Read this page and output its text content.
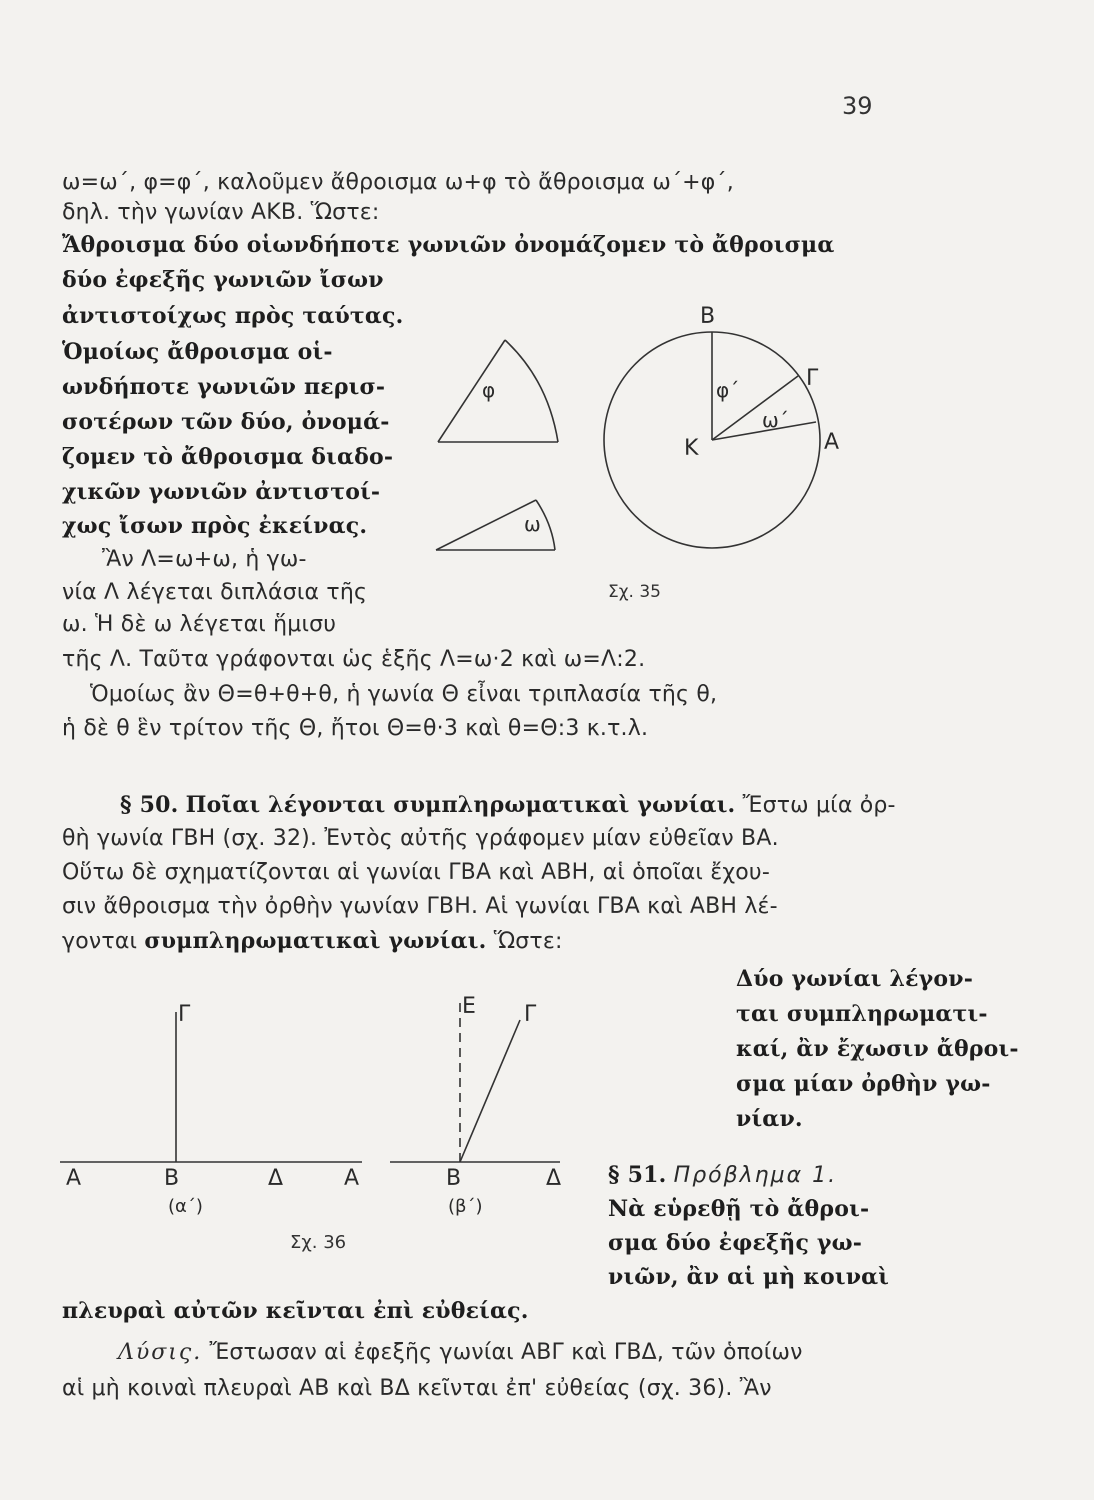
39
ω=ω΄, φ=φ΄, καλοῦμεν ἄθροισμα ω+φ τὸ ἄθροισμα ω΄+φ΄,
δηλ. τὴν γωνίαν ΑΚΒ. Ὥστε:
Ἄθροισμα δύο οἱωνδήποτε γωνιῶν ὀνομάζομεν τὸ ἄθροισμα
δύο ἐφεξῆς γωνιῶν ἴσων
ἀντιστοίχως πρὸς ταύτας.
Ὁμοίως ἄθροισμα οἱ-
ωνδήποτε γωνιῶν περισ-
σοτέρων τῶν δύο, ὀνομά-
ζομεν τὸ ἄθροισμα διαδο-
χικῶν γωνιῶν ἀντιστοί-
χως ἴσων πρὸς ἐκείνας.
Ἂν Λ=ω+ω, ἡ γω-
νία Λ λέγεται διπλάσια τῆς
ω. Ἡ δὲ ω λέγεται ἥμισυ
τῆς Λ. Ταῦτα γράφονται ὡς ἑξῆς Λ=ω·2 καὶ ω=Λ:2.
Ὁμοίως ἂν Θ=θ+θ+θ, ἡ γωνία Θ εἶναι τριπλασία τῆς θ,
ἡ δὲ θ ἓν τρίτον τῆς Θ, ἤτοι Θ=θ·3 καὶ θ=Θ:3 κ.τ.λ.
φ
ω
Β
Γ
Κ	Α
φ΄
ω΄
Σχ. 35
§ 50. Ποῖαι λέγονται συμπληρωματικαὶ γωνίαι. Ἔστω μία ὀρ-
θὴ γωνία ΓΒΗ (σχ. 32). Ἐντὸς αὐτῆς γράφομεν μίαν εὐθεῖαν ΒΑ.
Οὕτω δὲ σχηματίζονται αἱ γωνίαι ΓΒΑ καὶ ΑΒΗ, αἱ ὁποῖαι ἔχου-
σιν ἄθροισμα τὴν ὀρθὴν γωνίαν ΓΒΗ. Αἱ γωνίαι ΓΒΑ καὶ ΑΒΗ λέ-
γονται συμπληρωματικαὶ γωνίαι. Ὥστε:
Δύο γωνίαι λέγον-
ται συμπληρωματι-
καί, ἂν ἔχωσιν ἄθροι-
σμα μίαν ὀρθὴν γω-
νίαν.
Γ
Α	Β	Δ
(α΄)
Ε Γ
Α	Β	Δ
(β΄)
Σχ. 36
§ 51. Πρόβλημα 1.
Νὰ εὑρεθῇ τὸ ἄθροι-
σμα δύο ἐφεξῆς γω-
νιῶν, ἂν αἱ μὴ κοιναὶ
πλευραὶ αὐτῶν κεῖνται ἐπὶ εὐθείας.
Λύσις. Ἔστωσαν αἱ ἐφεξῆς γωνίαι ΑΒΓ καὶ ΓΒΔ, τῶν ὁποίων
αἱ μὴ κοιναὶ πλευραὶ ΑΒ καὶ ΒΔ κεῖνται ἐπ' εὐθείας (σχ. 36). Ἂν
